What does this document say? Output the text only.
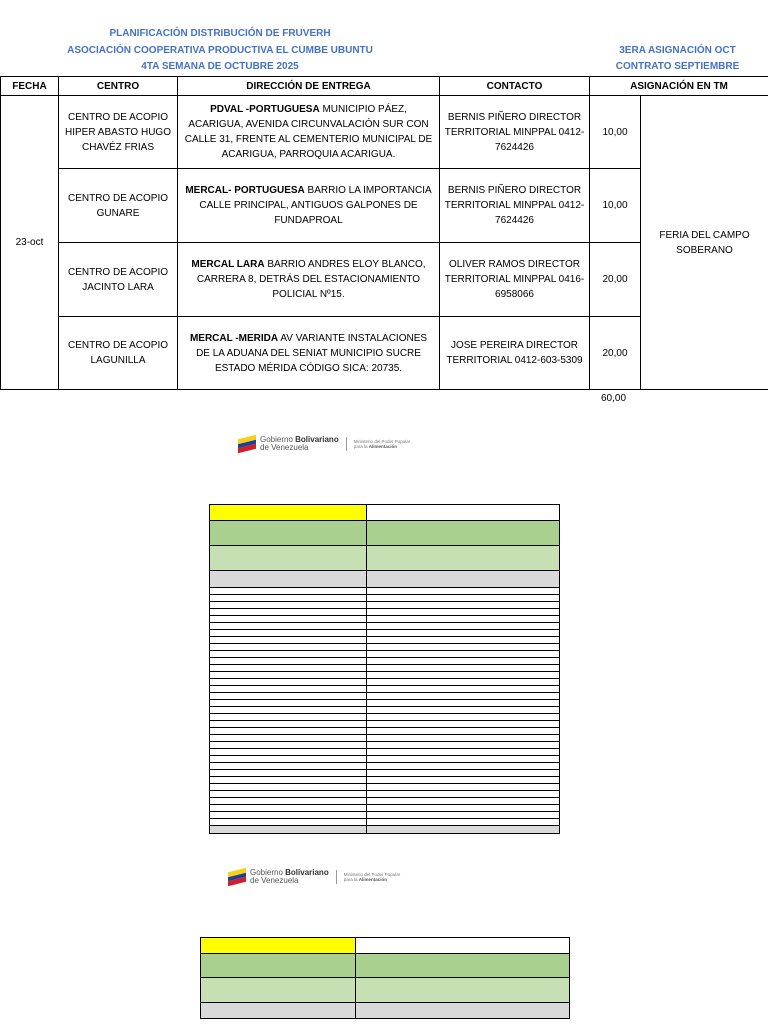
PLANIFICACIÓN DISTRIBUCIÓN DE FRUVERH
ASOCIACIÓN COOPERATIVA PRODUCTIVA EL CUMBE UBUNTU
4TA SEMANA DE OCTUBRE 2025
3ERA ASIGNACIÓN OCT
CONTRATO SEPTIEMBRE
FECHA	CENTRO	DIRECCIÓN DE ENTREGA	CONTACTO	ASIGNACIÓN EN TM	
23-oct	CENTRO DE ACOPIO HIPER ABASTO HUGO CHAVÉZ FRIAS	PDVAL -PORTUGUESA MUNICIPIO PÁEZ, ACARIGUA, AVENIDA CIRCUNVALACIÓN SUR CON CALLE 31, FRENTE AL CEMENTERIO MUNICIPAL DE ACARIGUA, PARROQUIA ACARIGUA.	BERNIS PIÑERO DIRECTOR TERRITORIAL MINPPAL 0412-7624426	10,00	FERIA DEL CAMPO SOBERANO
	CENTRO DE ACOPIO GUNARE	MERCAL- PORTUGUESA BARRIO LA IMPORTANCIA CALLE PRINCIPAL, ANTIGUOS GALPONES DE FUNDAPROAL	BERNIS PIÑERO DIRECTOR TERRITORIAL MINPPAL 0412-7624426	10,00	
	CENTRO DE ACOPIO JACINTO LARA	MERCAL LARA BARRIO ANDRES ELOY BLANCO, CARRERA 8, DETRÁS DEL ESTACIONAMIENTO POLICIAL Nº15.	OLIVER RAMOS DIRECTOR TERRITORIAL MINPPAL 0416-6958066	20,00	
	CENTRO DE ACOPIO LAGUNILLA	MERCAL -MERIDA AV VARIANTE INSTALACIONES DE LA ADUANA DEL SENIAT MUNICIPIO SUCRE ESTADO MÉRIDA CÓDIGO SICA: 20735.	JOSE PEREIRA DIRECTOR TERRITORIAL 0412-603-5309	20,00	
60,00
Gobierno Bolivariano
de Venezuela
Ministerio del Poder Popular
para la Alimentación

Gobierno Bolivariano
de Venezuela
Ministerio del Poder Popular
para la Alimentación
